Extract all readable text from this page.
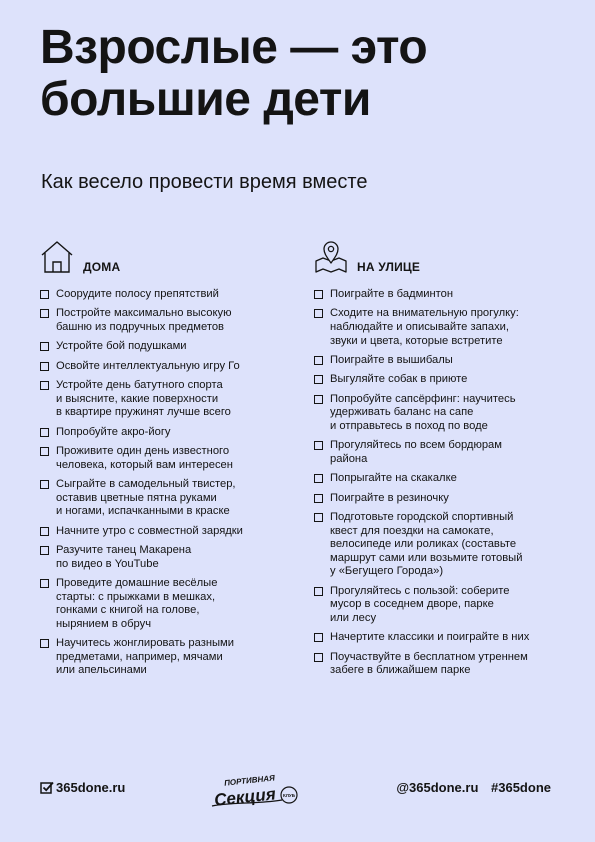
Взрослые — это
большие дети
Как весело провести время вместе
ДОМА
Соорудите полосу препятствий
Постройте максимально высокую
башню из подручных предметов
Устройте бой подушками
Освойте интеллектуальную игру Го
Устройте день батутного спорта
и выясните, какие поверхности
в квартире пружинят лучше всего
Попробуйте акро-йогу
Проживите один день известного
человека, который вам интересен
Сыграйте в самодельный твистер,
оставив цветные пятна руками
и ногами, испачканными в краске
Начните утро с совместной зарядки
Разучите танец Макарена
по видео в YouTube
Проведите домашние весёлые
старты: с прыжками в мешках,
гонками с книгой на голове,
нырянием в обруч
Научитесь жонглировать разными
предметами, например, мячами
или апельсинами
НА УЛИЦЕ
Поиграйте в бадминтон
Сходите на внимательную прогулку:
наблюдайте и описывайте запахи,
звуки и цвета, которые встретите
Поиграйте в вышибалы
Выгуляйте собак в приюте
Попробуйте сапсёрфинг: научитесь
удерживать баланс на сапе
и отправьтесь в поход по воде
Прогуляйтесь по всем бордюрам
района
Попрыгайте на скакалке
Поиграйте в резиночку
Подготовьте городской спортивный
квест для поездки на самокате,
велосипеде или роликах (составьте
маршрут сами или возьмите готовый
у «Бегущего Города»)
Прогуляйтесь с пользой: соберите
мусор в соседнем дворе, парке
или лесу
Начертите классики и поиграйте в них
Поучаствуйте в бесплатном утреннем
забеге в ближайшем парке
365done.ru	ПОРТИВНАЯ
Секция КЛУБ
@365done.ru #365done
